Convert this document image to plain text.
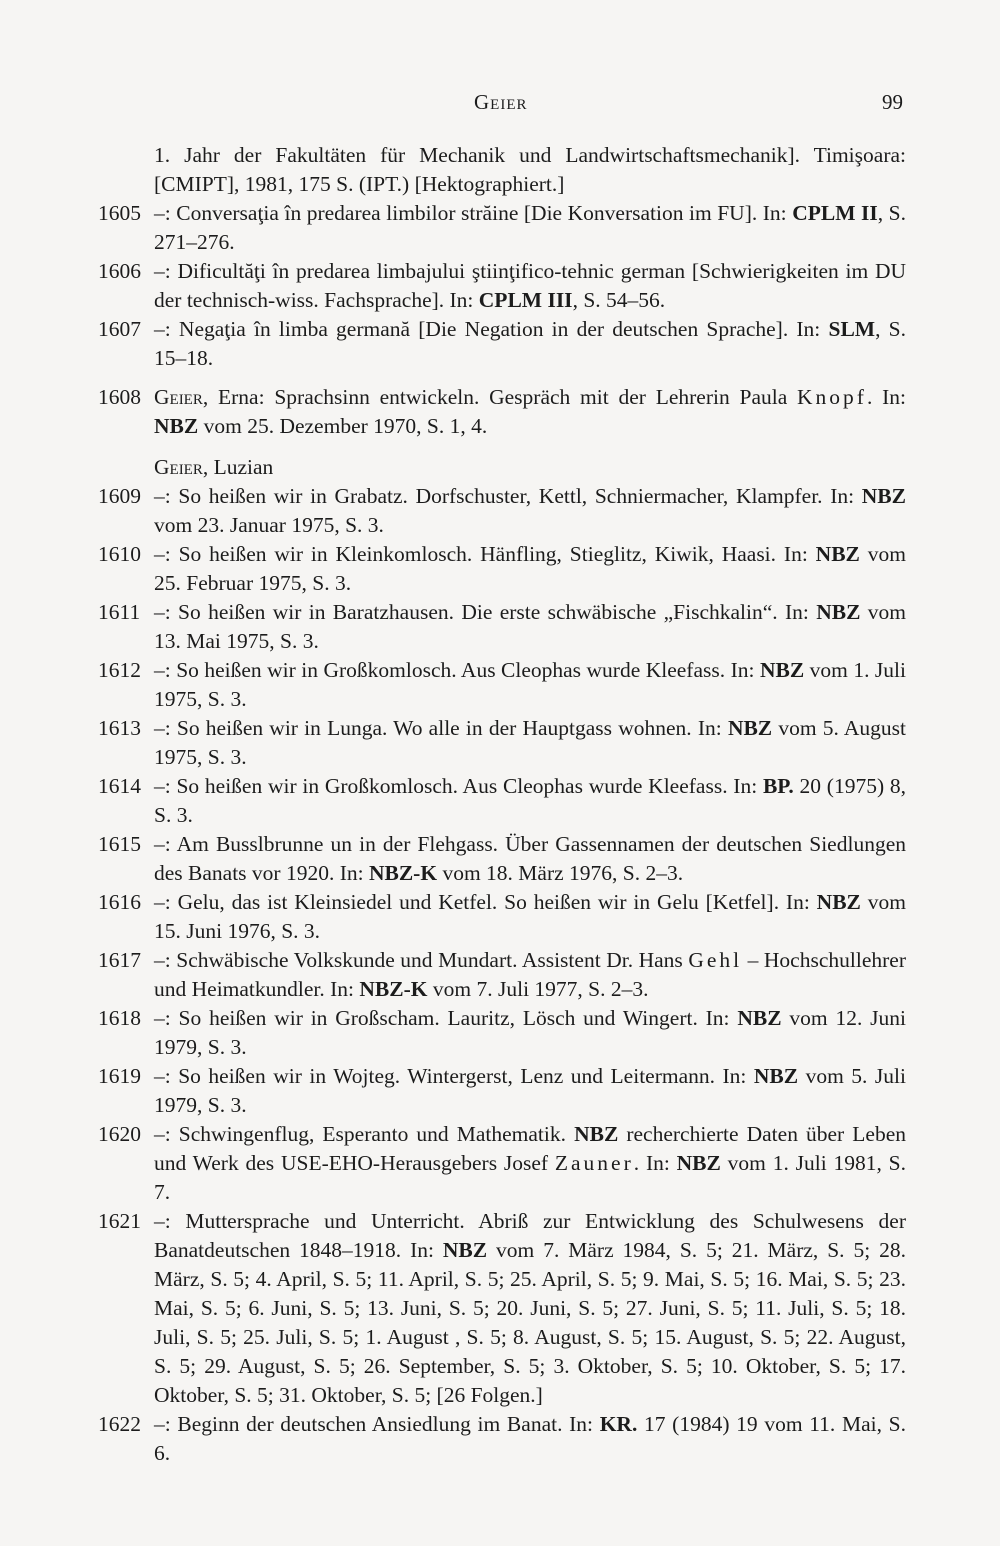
Geier	99
1. Jahr der Fakultäten für Mechanik und Landwirtschaftsmechanik]. Timişoara: [CMIPT], 1981, 175 S. (IPT.) [Hektographiert.]
1605 –: Conversaţia în predarea limbilor străine [Die Konversation im FU]. In: CPLM II, S. 271–276.
1606 –: Dificultăţi în predarea limbajului ştiinţifico-tehnic german [Schwierigkeiten im DU der technisch-wiss. Fachsprache]. In: CPLM III, S. 54–56.
1607 –: Negaţia în limba germană [Die Negation in der deutschen Sprache]. In: SLM, S. 15–18.
1608 Geier, Erna: Sprachsinn entwickeln. Gespräch mit der Lehrerin Paula Knopf. In: NBZ vom 25. Dezember 1970, S. 1, 4.
Geier, Luzian
1609 –: So heißen wir in Grabatz. Dorfschuster, Kettl, Schniermacher, Klampfer. In: NBZ vom 23. Januar 1975, S. 3.
1610 –: So heißen wir in Kleinkomlosch. Hänfling, Stieglitz, Kiwik, Haasi. In: NBZ vom 25. Februar 1975, S. 3.
1611 –: So heißen wir in Baratzhausen. Die erste schwäbische „Fischkalin“. In: NBZ vom 13. Mai 1975, S. 3.
1612 –: So heißen wir in Großkomlosch. Aus Cleophas wurde Kleefass. In: NBZ vom 1. Juli 1975, S. 3.
1613 –: So heißen wir in Lunga. Wo alle in der Hauptgass wohnen. In: NBZ vom 5. August 1975, S. 3.
1614 –: So heißen wir in Großkomlosch. Aus Cleophas wurde Kleefass. In: BP. 20 (1975) 8, S. 3.
1615 –: Am Busslbrunne un in der Flehgass. Über Gassennamen der deutschen Siedlungen des Banats vor 1920. In: NBZ-K vom 18. März 1976, S. 2–3.
1616 –: Gelu, das ist Kleinsiedel und Ketfel. So heißen wir in Gelu [Ketfel]. In: NBZ vom 15. Juni 1976, S. 3.
1617 –: Schwäbische Volkskunde und Mundart. Assistent Dr. Hans Gehl – Hochschullehrer und Heimatkundler. In: NBZ-K vom 7. Juli 1977, S. 2–3.
1618 –: So heißen wir in Großscham. Lauritz, Lösch und Wingert. In: NBZ vom 12. Juni 1979, S. 3.
1619 –: So heißen wir in Wojteg. Wintergerst, Lenz und Leitermann. In: NBZ vom 5. Juli 1979, S. 3.
1620 –: Schwingenflug, Esperanto und Mathematik. NBZ recherchierte Daten über Leben und Werk des USE-EHO-Herausgebers Josef Zauner. In: NBZ vom 1. Juli 1981, S. 7.
1621 –: Muttersprache und Unterricht. Abriß zur Entwicklung des Schulwesens der Banatdeutschen 1848–1918. In: NBZ vom 7. März 1984, S. 5; 21. März, S. 5; 28. März, S. 5; 4. April, S. 5; 11. April, S. 5; 25. April, S. 5; 9. Mai, S. 5; 16. Mai, S. 5; 23. Mai, S. 5; 6. Juni, S. 5; 13. Juni, S. 5; 20. Juni, S. 5; 27. Juni, S. 5; 11. Juli, S. 5; 18. Juli, S. 5; 25. Juli, S. 5; 1. August , S. 5; 8. August, S. 5; 15. August, S. 5; 22. August, S. 5; 29. August, S. 5; 26. September, S. 5; 3. Oktober, S. 5; 10. Oktober, S. 5; 17. Oktober, S. 5; 31. Oktober, S. 5; [26 Folgen.]
1622 –: Beginn der deutschen Ansiedlung im Banat. In: KR. 17 (1984) 19 vom 11. Mai, S. 6.
